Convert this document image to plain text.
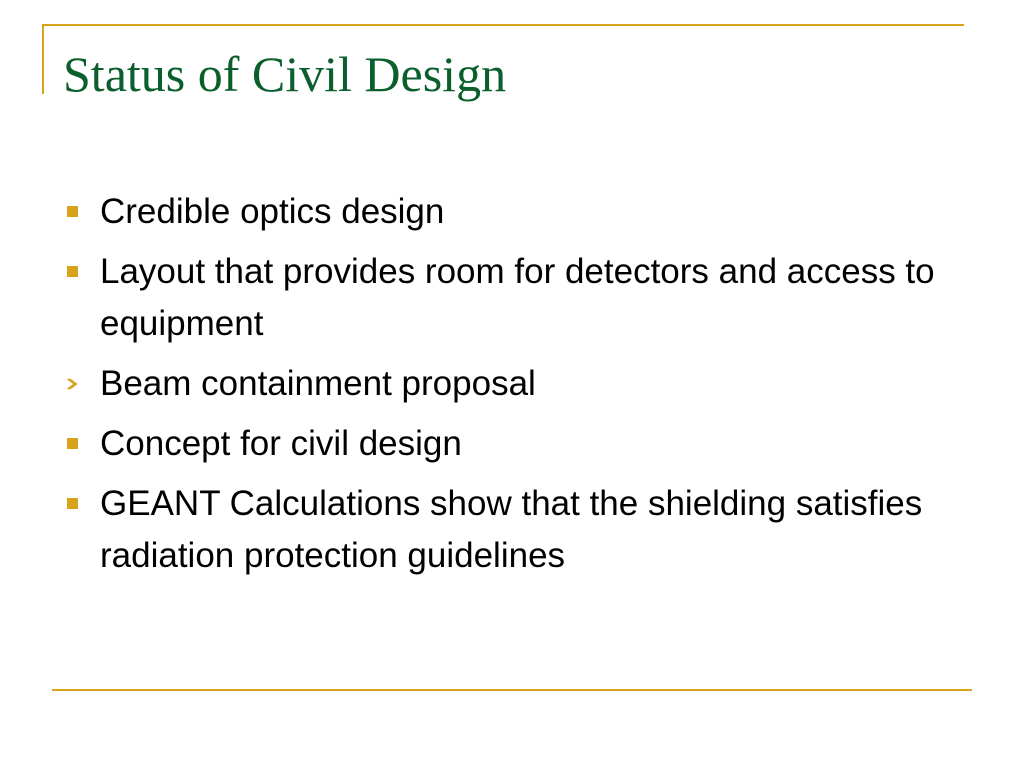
Status of Civil Design
Credible optics design
Layout that provides room for detectors and access to equipment
Beam containment proposal
Concept for civil design
GEANT Calculations show that the shielding satisfies radiation protection guidelines
